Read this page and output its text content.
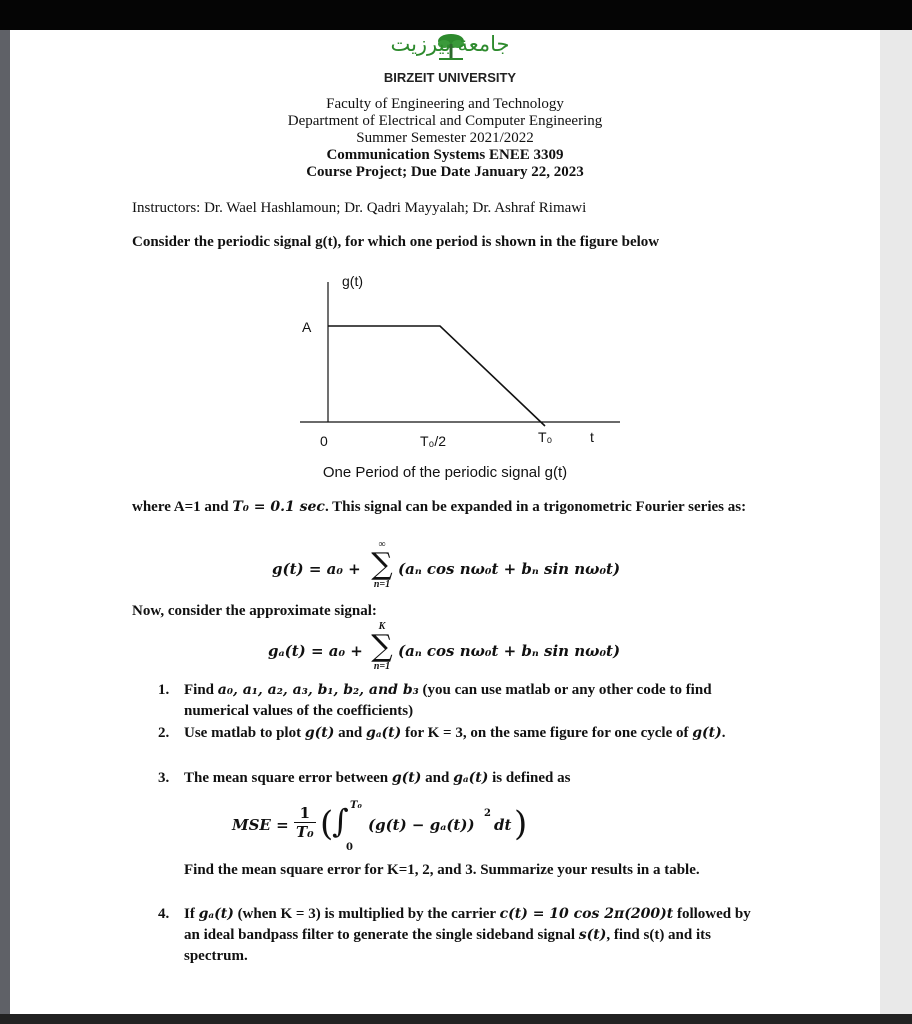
جامعة بيرزيت
BIRZEIT UNIVERSITY
Faculty of Engineering and Technology
Department of Electrical and Computer Engineering
Summer Semester 2021/2022
Communication Systems ENEE 3309
Course Project; Due Date January 22, 2023
Instructors: Dr. Wael Hashlamoun; Dr. Qadri Mayyalah; Dr. Ashraf Rimawi
Consider the periodic signal g(t), for which one period is shown in the figure below
g(t)
A
0	T₀/2	T₀	t
One Period of the periodic signal g(t)
where A=1 and T₀ = 0.1 sec. This signal can be expanded in a trigonometric Fourier series as:
g(t) = a₀ +
∞
∑
n=1
(aₙ cos nω₀t + bₙ sin nω₀t)
Now, consider the approximate signal:
gₐ(t) = a₀ +
K
∑
n=1
(aₙ cos nω₀t + bₙ sin nω₀t)
1. Find a₀, a₁, a₂, a₃, b₁, b₂, and b₃ (you can use matlab or any other code to find numerical values of the coefficients)
2. Use matlab to plot g(t) and gₐ(t) for K = 3, on the same figure for one cycle of g(t).
3. The mean square error between g(t) and gₐ(t) is defined as
MSE = $\frac{1}{\text{T₀}}$ (
∫ T₀
0
(g(t) − gₐ(t))
2
dt )
Find the mean square error for K=1, 2, and 3. Summarize your results in a table.
4. If gₐ(t) (when K = 3) is multiplied by the carrier c(t) = 10 cos 2π(200)t followed by an ideal bandpass filter to generate the single sideband signal s(t), find s(t) and its spectrum.
